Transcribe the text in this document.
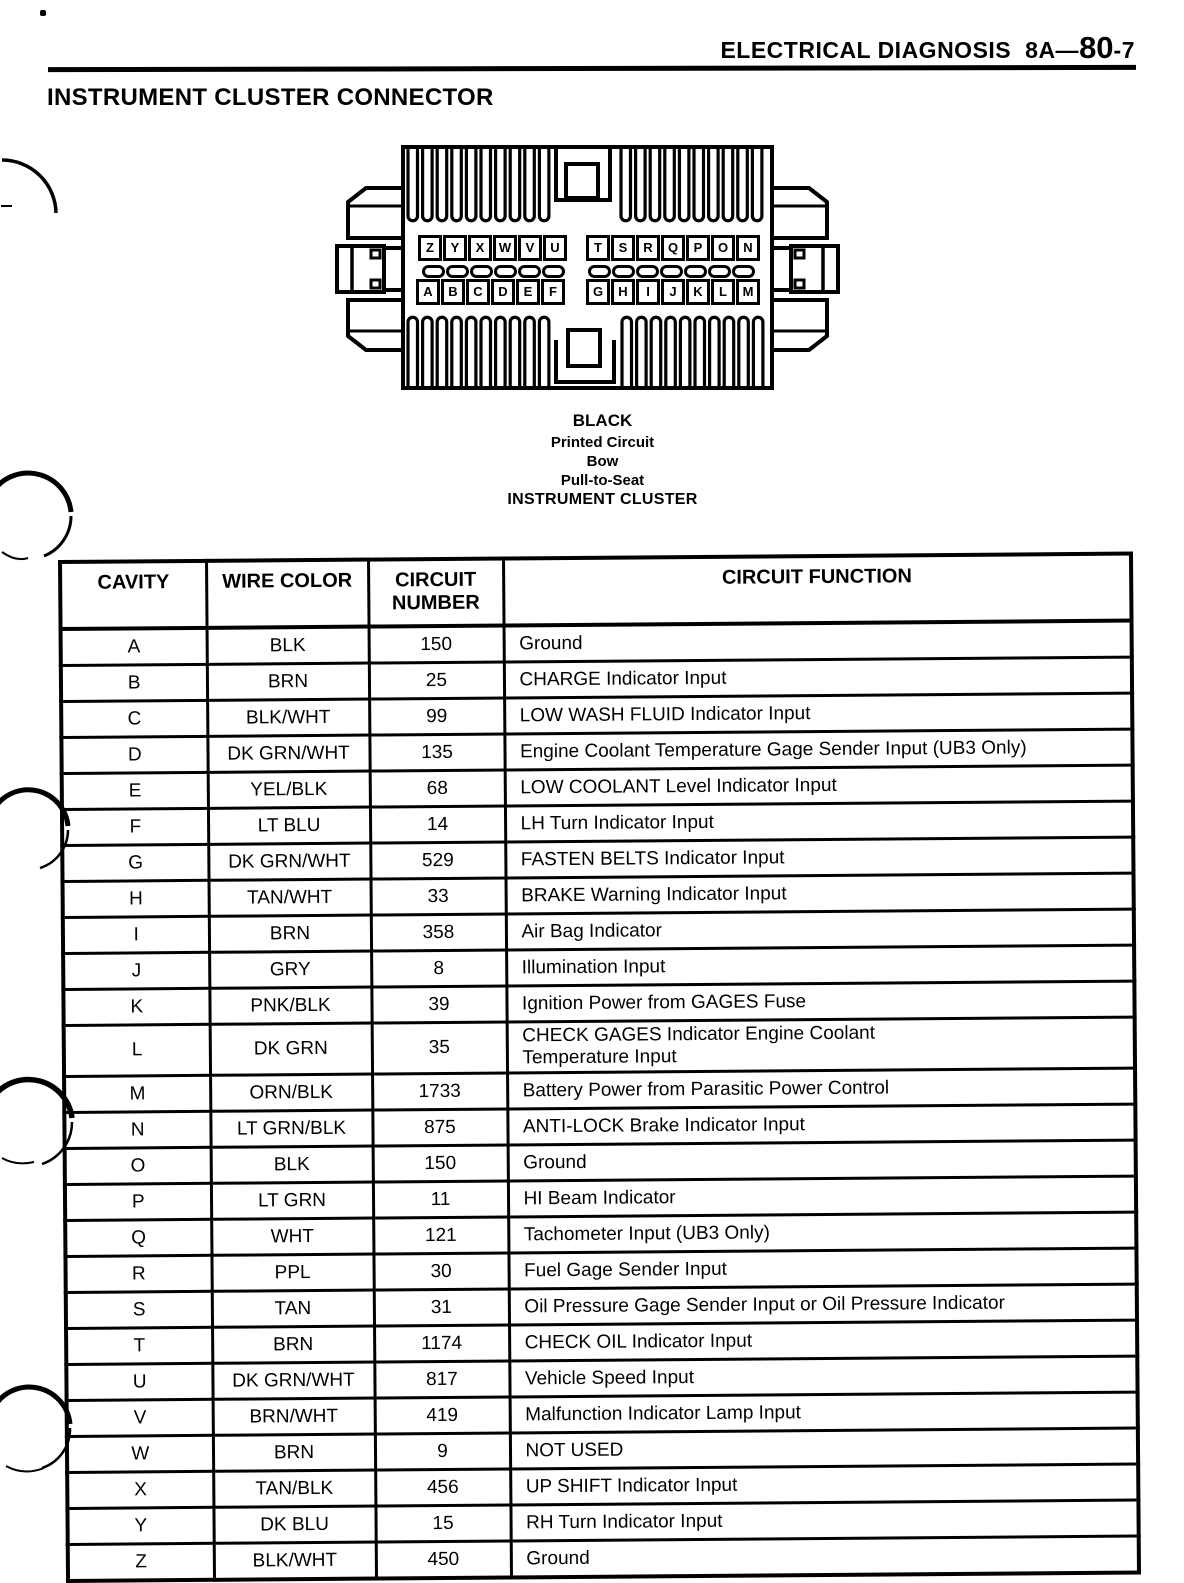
ELECTRICAL DIAGNOSIS 8A—80-7
INSTRUMENT CLUSTER CONNECTOR
Z	Y	X	W	V	U	T	S	R	Q	P	O	N
A	B	C	D	E	F	G	H	I	J	K	L	M
BLACK
Printed Circuit
Bow
Pull-to-Seat
INSTRUMENT CLUSTER
CAVITY	WIRE COLOR	CIRCUIT NUMBER	CIRCUIT FUNCTION
A	BLK	150	Ground
B	BRN	25	CHARGE Indicator Input
C	BLK/WHT	99	LOW WASH FLUID Indicator Input
D	DK GRN/WHT	135	Engine Coolant Temperature Gage Sender Input (UB3 Only)
E	YEL/BLK	68	LOW COOLANT Level Indicator Input
F	LT BLU	14	LH Turn Indicator Input
G	DK GRN/WHT	529	FASTEN BELTS Indicator Input
H	TAN/WHT	33	BRAKE Warning Indicator Input
I	BRN	358	Air Bag Indicator
J	GRY	8	Illumination Input
K	PNK/BLK	39	Ignition Power from GAGES Fuse
L	DK GRN	35	CHECK GAGES Indicator Engine Coolant
Temperature Input
M	ORN/BLK	1733	Battery Power from Parasitic Power Control
N	LT GRN/BLK	875	ANTI-LOCK Brake Indicator Input
O	BLK	150	Ground
P	LT GRN	11	HI Beam Indicator
Q	WHT	121	Tachometer Input (UB3 Only)
R	PPL	30	Fuel Gage Sender Input
S	TAN	31	Oil Pressure Gage Sender Input or Oil Pressure Indicator
T	BRN	1174	CHECK OIL Indicator Input
U	DK GRN/WHT	817	Vehicle Speed Input
V	BRN/WHT	419	Malfunction Indicator Lamp Input
W	BRN	9	NOT USED
X	TAN/BLK	456	UP SHIFT Indicator Input
Y	DK BLU	15	RH Turn Indicator Input
Z	BLK/WHT	450	Ground
